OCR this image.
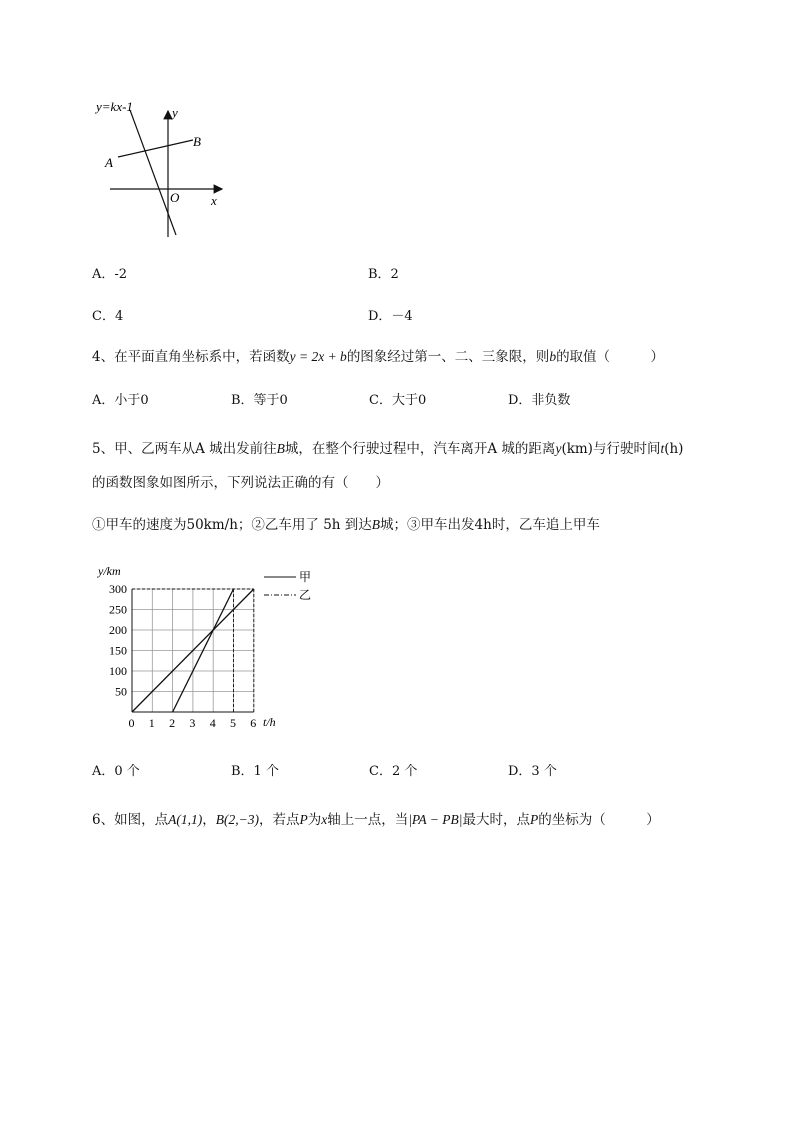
y=kx-1	y
x
O
A
B
A．-2	B．2
C．4	D．－4
4、在平面直角坐标系中，若函数y = 2x + b的图象经过第一、二、三象限，则b的取值（　　　）
A．小于0	B．等于0	C．大于0	D．非负数
5、甲、乙两车从A 城出发前往B城，在整个行驶过程中，汽车离开A 城的距离y(km)与行驶时间t(h)
的函数图象如图所示，下列说法正确的有（　　）
①甲车的速度为50km/h；②乙车用了 5h 到达B城；③甲车出发4h时，乙车追上甲车
0 1 2 3 4 5 6
50
100
150
200
250
300
y/km
t/h
甲
乙
A．0 个	B．1 个	C．2 个	D．3 个
6、如图，点A(1,1)，B(2,−3)，若点P为x轴上一点，当|PA − PB|最大时，点P的坐标为（　　　）
